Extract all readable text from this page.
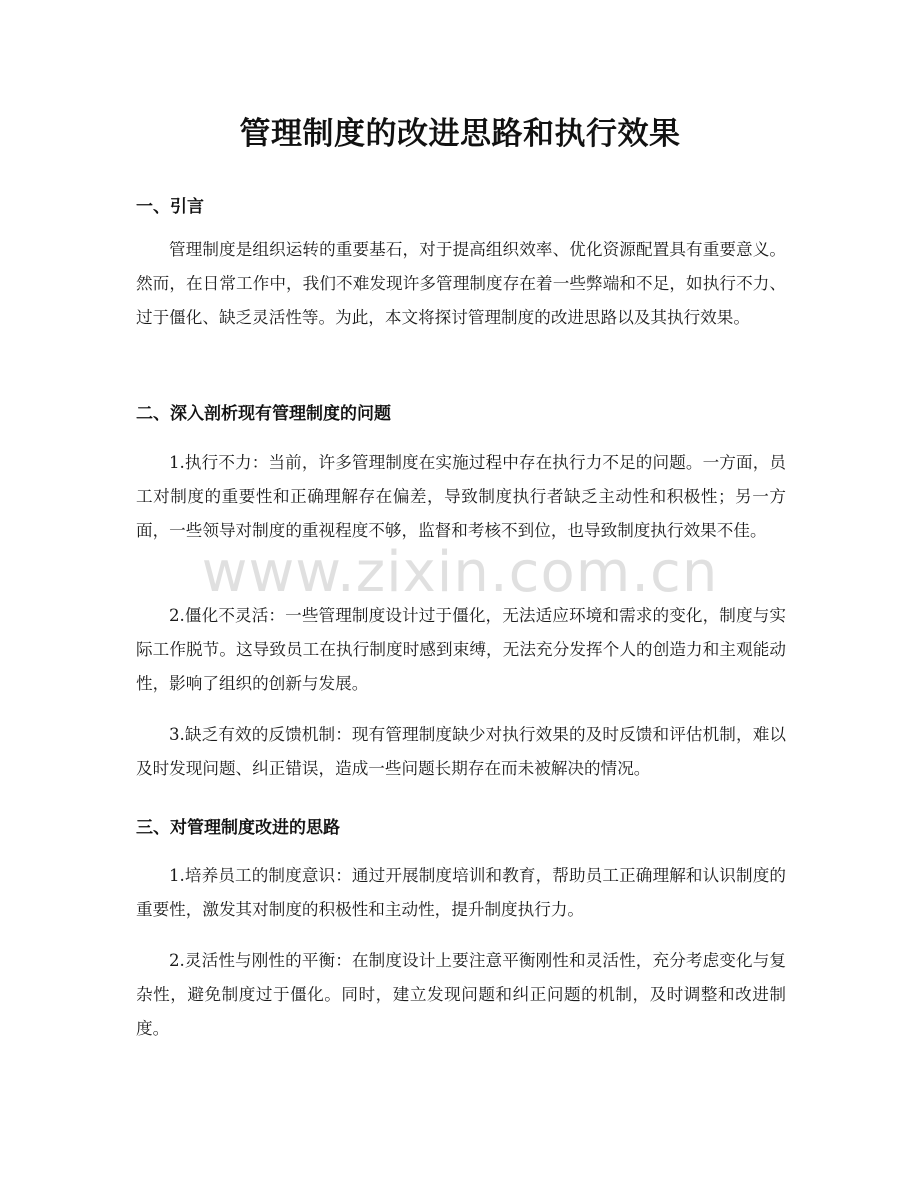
管理制度的改进思路和执行效果
一、引言

管理制度是组织运转的重要基石，对于提高组织效率、优化资源配置具有重要意义。然而，在日常工作中，我们不难发现许多管理制度存在着一些弊端和不足，如执行不力、过于僵化、缺乏灵活性等。为此，本文将探讨管理制度的改进思路以及其执行效果。

二、深入剖析现有管理制度的问题

1.执行不力：当前，许多管理制度在实施过程中存在执行力不足的问题。一方面，员工对制度的重要性和正确理解存在偏差，导致制度执行者缺乏主动性和积极性；另一方面，一些领导对制度的重视程度不够，监督和考核不到位，也导致制度执行效果不佳。

2.僵化不灵活：一些管理制度设计过于僵化，无法适应环境和需求的变化，制度与实际工作脱节。这导致员工在执行制度时感到束缚，无法充分发挥个人的创造力和主观能动性，影响了组织的创新与发展。

3.缺乏有效的反馈机制：现有管理制度缺少对执行效果的及时反馈和评估机制，难以及时发现问题、纠正错误，造成一些问题长期存在而未被解决的情况。

三、对管理制度改进的思路

1.培养员工的制度意识：通过开展制度培训和教育，帮助员工正确理解和认识制度的重要性，激发其对制度的积极性和主动性，提升制度执行力。

2.灵活性与刚性的平衡：在制度设计上要注意平衡刚性和灵活性，充分考虑变化与复杂性，避免制度过于僵化。同时，建立发现问题和纠正问题的机制，及时调整和改进制度。

www.zixin.com.cn
